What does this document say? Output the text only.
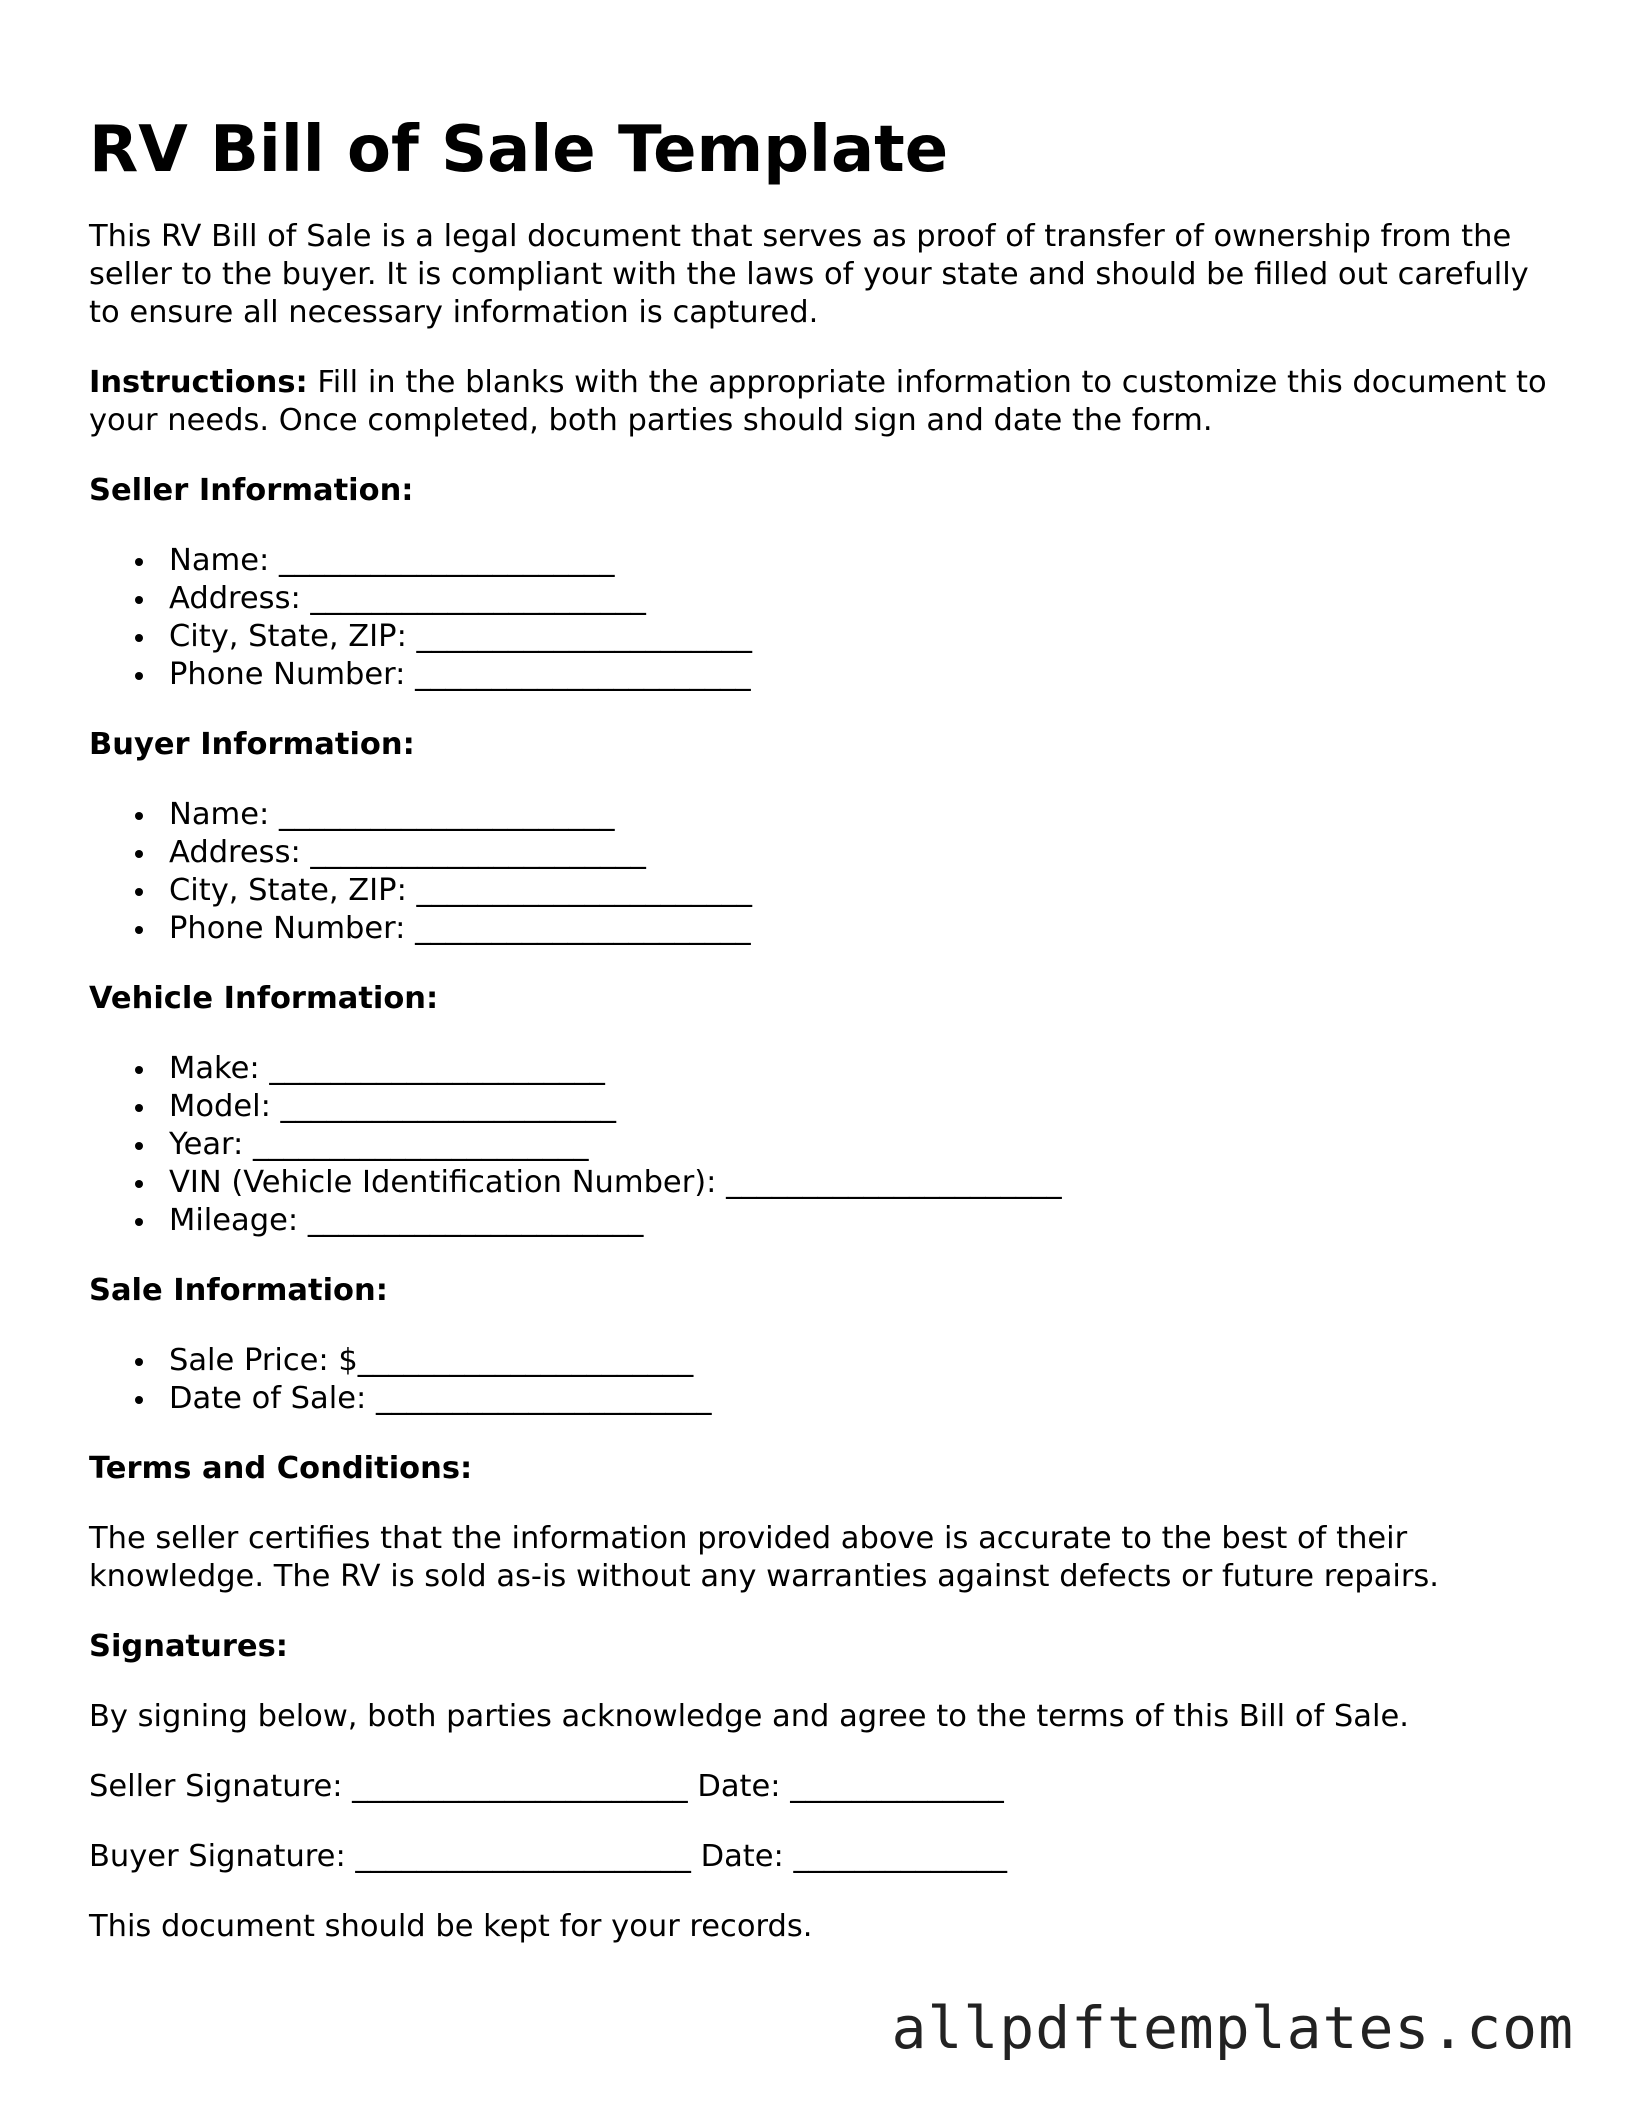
RV Bill of Sale Template

This RV Bill of Sale is a legal document that serves as proof of transfer of ownership from the seller to the buyer. It is compliant with the laws of your state and should be filled out carefully to ensure all necessary information is captured.

Instructions: Fill in the blanks with the appropriate information to customize this document to your needs. Once completed, both parties should sign and date the form.

Seller Information:
Name: ______________________
Address: ______________________
City, State, ZIP: ______________________
Phone Number: ______________________
Buyer Information:
Name: ______________________
Address: ______________________
City, State, ZIP: ______________________
Phone Number: ______________________
Vehicle Information:
Make: ______________________
Model: ______________________
Year: ______________________
VIN (Vehicle Identification Number): ______________________
Mileage: ______________________
Sale Information:
Sale Price: $______________________
Date of Sale: ______________________
Terms and Conditions:

The seller certifies that the information provided above is accurate to the best of their knowledge. The RV is sold as-is without any warranties against defects or future repairs.

Signatures:

By signing below, both parties acknowledge and agree to the terms of this Bill of Sale.

Seller Signature: ______________________ Date: ______________
Buyer Signature: ______________________ Date: ______________

This document should be kept for your records.

allpdftemplates.com
